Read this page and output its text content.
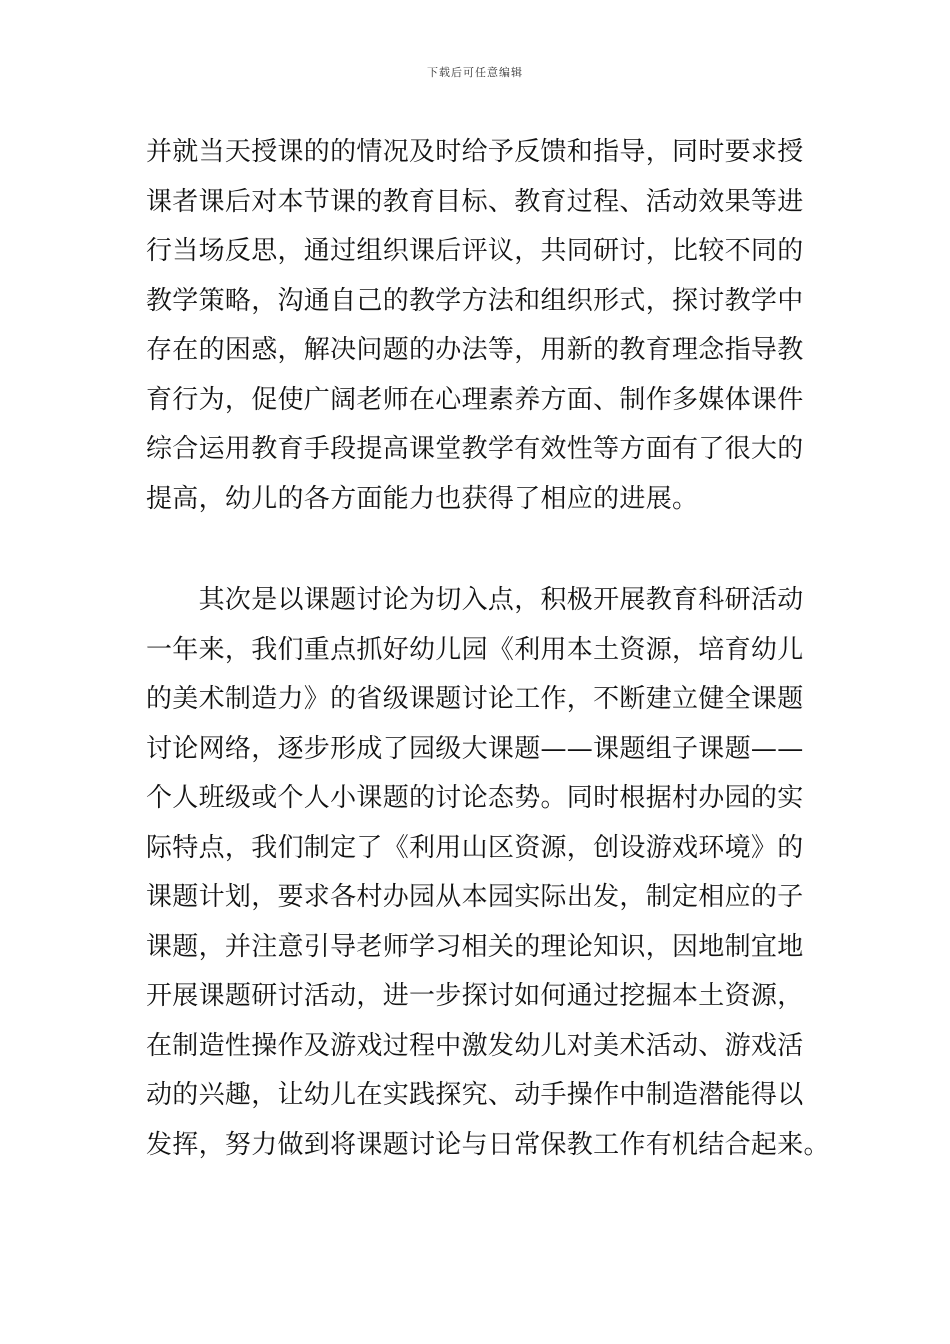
下载后可任意编辑
并就当天授课的的情况及时给予反馈和指导，同时要求授
课者课后对本节课的教育目标、教育过程、活动效果等进
行当场反思，通过组织课后评议，共同研讨，比较不同的
教学策略，沟通自己的教学方法和组织形式，探讨教学中
存在的困惑，解决问题的办法等，用新的教育理念指导教
育行为，促使广阔老师在心理素养方面、制作多媒体课件
综合运用教育手段提高课堂教学有效性等方面有了很大的
提高，幼儿的各方面能力也获得了相应的进展。
　　其次是以课题讨论为切入点，积极开展教育科研活动
一年来，我们重点抓好幼儿园《利用本土资源，培育幼儿
的美术制造力》的省级课题讨论工作，不断建立健全课题
讨论网络，逐步形成了园级大课题——课题组子课题——
个人班级或个人小课题的讨论态势。同时根据村办园的实
际特点，我们制定了《利用山区资源，创设游戏环境》的
课题计划，要求各村办园从本园实际出发，制定相应的子
课题，并注意引导老师学习相关的理论知识，因地制宜地
开展课题研讨活动，进一步探讨如何通过挖掘本土资源，
在制造性操作及游戏过程中激发幼儿对美术活动、游戏活
动的兴趣，让幼儿在实践探究、动手操作中制造潜能得以
发挥，努力做到将课题讨论与日常保教工作有机结合起来。
